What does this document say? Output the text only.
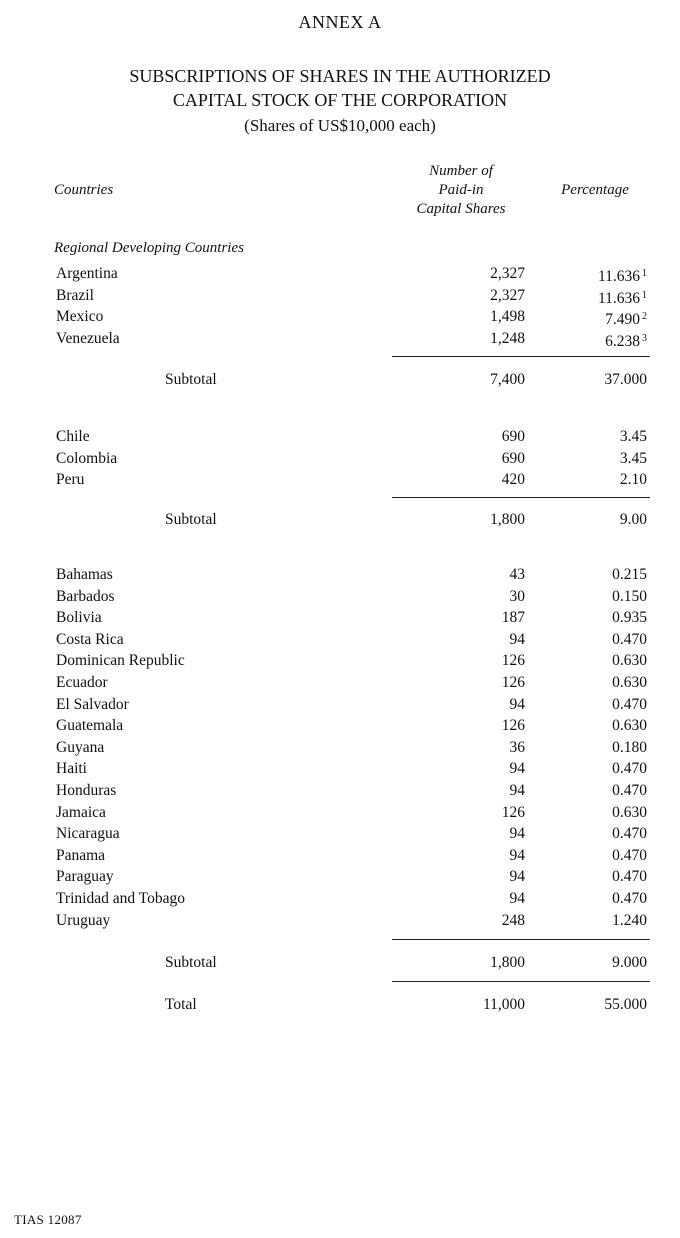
ANNEX A
SUBSCRIPTIONS OF SHARES IN THE AUTHORIZED
CAPITAL STOCK OF THE CORPORATION
(Shares of US$10,000 each)
Countries
Number of
Paid-in
Capital Shares
Percentage
Regional Developing Countries
Argentina	2,327	11.636 $^1$
Brazil	2,327	11.636 $^1$
Mexico	1,498	7.490 $^2$
Venezuela	1,248	6.238 $^3$
Subtotal	7,400	37.000
Chile	690	3.45
Colombia	690	3.45
Peru	420	2.10
Subtotal	1,800	9.00
Bahamas	43	0.215
Barbados	30	0.150
Bolivia	187	0.935
Costa Rica	94	0.470
Dominican Republic	126	0.630
Ecuador	126	0.630
El Salvador	94	0.470
Guatemala	126	0.630
Guyana	36	0.180
Haiti	94	0.470
Honduras	94	0.470
Jamaica	126	0.630
Nicaragua	94	0.470
Panama	94	0.470
Paraguay	94	0.470
Trinidad and Tobago	94	0.470
Uruguay	248	1.240
Subtotal	1,800	9.000
Total	11,000	55.000
TIAS 12087
